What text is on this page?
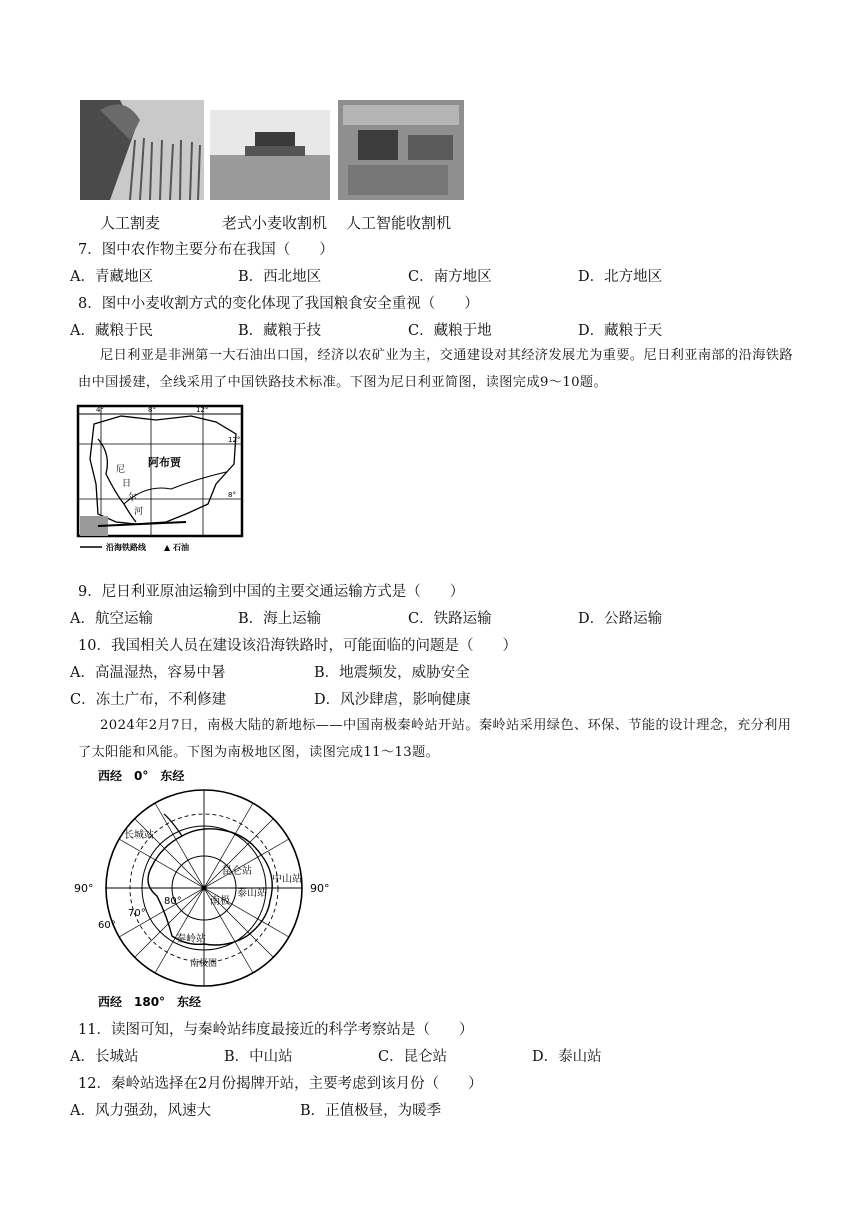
人工割麦	老式小麦收割机 人工智能收割机
7．图中农作物主要分布在我国（　　）
A．青藏地区	B．西北地区	C．南方地区	D．北方地区
8．图中小麦收割方式的变化体现了我国粮食安全重视（　　）
A．藏粮于民	B．藏粮于技	C．藏粮于地	D．藏粮于天
尼日利亚是非洲第一大石油出口国，经济以农矿业为主，交通建设对其经济发展尤为重要。尼日利亚南部的沿海铁路由中国援建，全线采用了中国铁路技术标准。下图为尼日利亚简图，读图完成9～10题。
4°	8°	12°
12°
8°
尼
日
尔
河
阿布贾
沿海铁路线 ▲ 石油
9．尼日利亚原油运输到中国的主要交通运输方式是（　　）
A．航空运输	B．海上运输	C．铁路运输	D．公路运输
10．我国相关人员在建设该沿海铁路时，可能面临的问题是（　　）
A．高温湿热，容易中暑	B．地震频发，威胁安全
C．冻土广布，不利修建	D．风沙肆虐，影响健康
2024年2月7日，南极大陆的新地标——中国南极秦岭站开站。秦岭站采用绿色、环保、节能的设计理念，充分利用了太阳能和风能。下图为南极地区图，读图完成11～13题。
西经　0°　东经
西经　180°　东经
90°	90°
长城站
昆仑站
中山站
泰山站
秦岭站
南极
南极圈
80°
70°
60°
11．读图可知，与秦岭站纬度最接近的科学考察站是（　　）
A．长城站	B．中山站	C．昆仑站	D．泰山站
12．秦岭站选择在2月份揭牌开站，主要考虑到该月份（　　）
A．风力强劲，风速大	B．正值极昼，为暖季
